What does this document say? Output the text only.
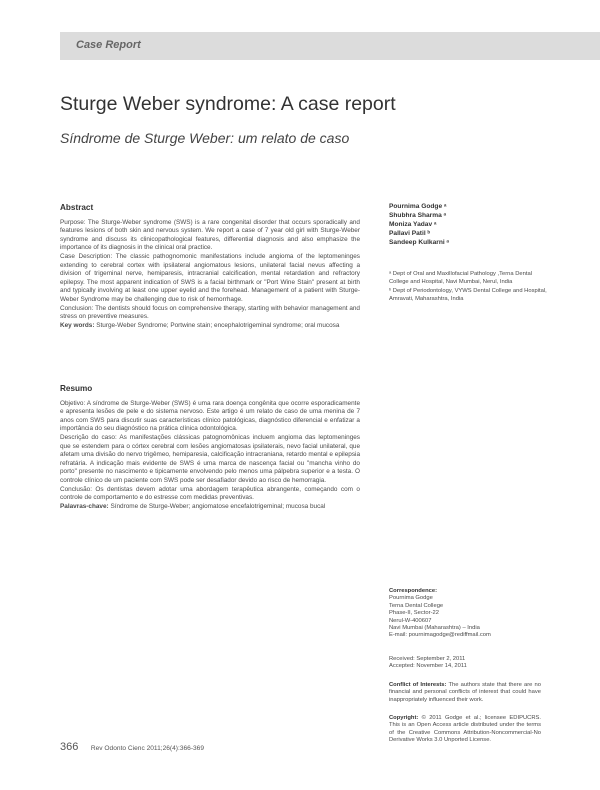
Case Report
Sturge Weber syndrome: A case report
Síndrome de Sturge Weber: um relato de caso
Abstract

Purpose: The Sturge-Weber syndrome (SWS) is a rare congenital disorder that occurs sporadically and features lesions of both skin and nervous system. We report a case of 7 year old girl with Sturge-Weber syndrome and discuss its clinicopathological features, differential diagnosis and also emphasize the importance of its diagnosis in the clinical oral practice.

Case Description: The classic pathognomonic manifestations include angioma of the leptomeninges extending to cerebral cortex with ipsilateral angiomatous lesions, unilateral facial nevus affecting a division of trigeminal nerve, hemiparesis, intracranial calcification, mental retardation and refractory epilepsy. The most apparent indication of SWS is a facial birthmark or "Port Wine Stain" present at birth and typically involving at least one upper eyelid and the forehead. Management of a patient with Sturge-Weber Syndrome may be challenging due to risk of hemorrhage.

Conclusion: The dentists should focus on comprehensive therapy, starting with behavior management and stress on preventive measures.

Key words: Sturge-Weber Syndrome; Portwine stain; encephalotrigeminal syndrome; oral mucosa

Resumo

Objetivo: A síndrome de Sturge-Weber (SWS) é uma rara doença congênita que ocorre esporadicamente e apresenta lesões de pele e do sistema nervoso. Este artigo é um relato de caso de uma menina de 7 anos com SWS para discutir suas características clínico patológicas, diagnóstico diferencial e enfatizar a importância do seu diagnóstico na prática clínica odontológica.

Descrição do caso: As manifestações clássicas patognomônicas incluem angioma das leptomeninges que se estendem para o córtex cerebral com lesões angiomatosas ipsilaterais, nevo facial unilateral, que afetam uma divisão do nervo trigêmeo, hemiparesia, calcificação intracraniana, retardo mental e epilepsia refratária. A indicação mais evidente de SWS é uma marca de nascença facial ou "mancha vinho do porto" presente no nascimento e tipicamente envolvendo pelo menos uma pálpebra superior e a testa. O controle clínico de um paciente com SWS pode ser desafiador devido ao risco de hemorragia.

Conclusão: Os dentistas devem adotar uma abordagem terapêutica abrangente, começando com o controle de comportamento e do estresse com medidas preventivas.

Palavras-chave: Síndrome de Sturge-Weber; angiomatose encefalotrigeminal; mucosa bucal

Pournima Godge ᵃ
Shubhra Sharma ᵃ
Moniza Yadav ᵃ
Pallavi Patil ᵇ
Sandeep Kulkarni ᵃ
ᵃ Dept of Oral and Maxillofacial Pathology ,Terna Dental College and Hospital, Navi Mumbai, Nerul, India
ᵇ Dept of Periodontology, VYWS Dental College and Hospital, Amravati, Maharashtra, India
Correspondence:
Pournima Godge
Terna Dental College
Phase-II, Sector-22
Nerul-W-400607
Navi Mumbai (Maharashtra) – India
E-mail: pournimagodge@rediffmail.com
Received: September 2, 2011
Accepted: November 14, 2011
Conflict of Interests: The authors state that there are no financial and personal conflicts of interest that could have inappropriately influenced their work.
Copyright: © 2011 Godge et al.; licensee EDIPUCRS. This is an Open Access article distributed under the terms of the Creative Commons Attribution-Noncommercial-No Derivative Works 3.0 Unported License.
366 Rev Odonto Cienc 2011;26(4):366-369
